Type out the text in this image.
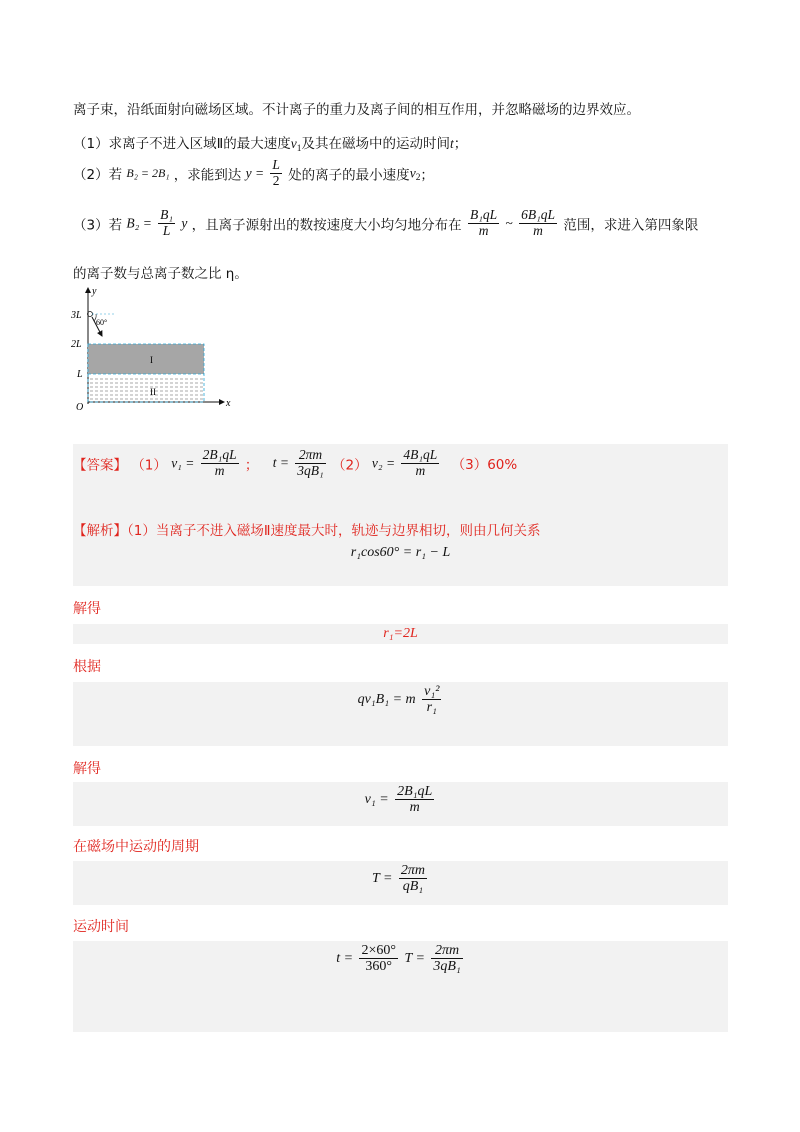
离子束，沿纸面射向磁场区域。不计离子的重力及离子间的相互作用，并忽略磁场的边界效应。
（1）求离子不进入区域Ⅱ的最大速度$v_1$及其在磁场中的运动时间t；
（2）若 B₂ = 2B₁ ，求能到达 $y = \frac{L}{2}$ 处的离子的最小速度$v_2$；
（3）若 $B_2 = \frac{\text{B₁}}{L}$ y ，且离子源射出的数按速度大小均匀地分布在 $\frac{\text{B₁qL}}{m}$ ~ $\frac{\text{6B₁qL}}{m}$ 范围，求进入第四象限
的离子数与总离子数之比 η。
y
x
O
3L
2L
L
60°
I
II
【答案】 （1） $v_1 = \frac{\text{2B₁qL}}{m}$ ； $t = \frac{2\pi m}{\text{3qB₁}} (2) v_2 = \frac{\text{4B₁qL}}{m} (3)60\%$
【解析】（1）当离子不进入磁场Ⅱ速度最大时，轨迹与边界相切，则由几何关系
r₁cos60° = r₁ − L
解得
r₁=2L
根据
qv₁B₁ = m $\frac{\text{v₁²}}{\text{r₁}}$
解得
$v_1 = \frac{\text{2B₁qL}}{m}$
在磁场中运动的周期
$T = \frac{2\pi m}{\text{qB₁}}$
运动时间
$t = \frac{2\times 60^\circ}{360^\circ}$ $T = \frac{2\pi m}{\text{3qB₁}}$
